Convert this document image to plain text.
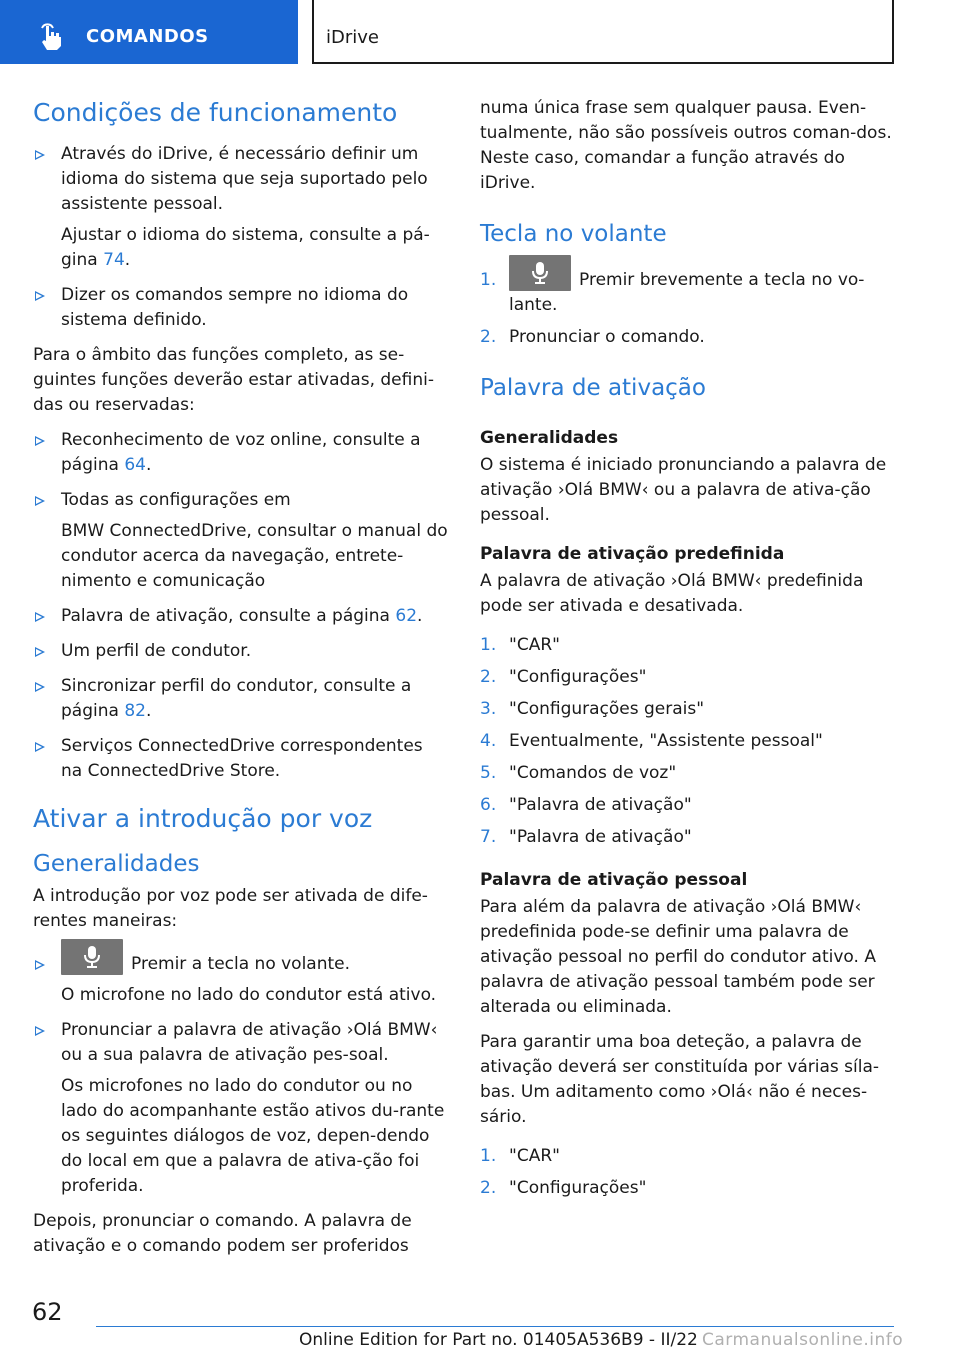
COMANDOS	iDrive
Condições de funcionamento

Através do iDrive, é necessário definir um idioma do sistema que seja suportado pelo assistente pessoal.

Ajustar o idioma do sistema, consulte a pá‐gina 74.

Dizer os comandos sempre no idioma do sistema definido.

Para o âmbito das funções completo, as se‐guintes funções deverão estar ativadas, defini‐das ou reservadas:

Reconhecimento de voz online, consulte a página 64.

Todas as configurações em

BMW ConnectedDrive, consultar o manual do condutor acerca da navegação, entrete‐nimento e comunicação

Palavra de ativação, consulte a página 62.

Um perfil de condutor.

Sincronizar perfil do condutor, consulte a página 82.

Serviços ConnectedDrive correspondentes na ConnectedDrive Store.

Ativar a introdução por voz
Generalidades

A introdução por voz pode ser ativada de dife‐rentes maneiras:

Premir a tecla no volante.

O microfone no lado do condutor está ativo.

Pronunciar a palavra de ativação ›Olá BMW‹ ou a sua palavra de ativação pes‐soal.

Os microfones no lado do condutor ou no lado do acompanhante estão ativos du‐rante os seguintes diálogos de voz, depen‐dendo do local em que a palavra de ativa‐ção foi proferida.

Depois, pronunciar o comando. A palavra de ativação e o comando podem ser proferidos

numa única frase sem qualquer pausa. Even‐tualmente, não são possíveis outros coman‐dos. Neste caso, comandar a função através do iDrive.

Tecla no volante
1.	Premir brevemente a tecla no vo‐lante.
2. Pronunciar o comando.
Palavra de ativação
Generalidades

O sistema é iniciado pronunciando a palavra de ativação ›Olá BMW‹ ou a palavra de ativa‐ção pessoal.

Palavra de ativação predefinida

A palavra de ativação ›Olá BMW‹ predefinida pode ser ativada e desativada.

1. "CAR"
2. "Configurações"
3. "Configurações gerais"
4. Eventualmente, "Assistente pessoal"
5. "Comandos de voz"
6. "Palavra de ativação"
7. "Palavra de ativação"
Palavra de ativação pessoal

Para além da palavra de ativação ›Olá BMW‹ predefinida pode-se definir uma palavra de ativação pessoal no perfil do condutor ativo. A palavra de ativação pessoal também pode ser alterada ou eliminada.

Para garantir uma boa deteção, a palavra de ativação deverá ser constituída por várias síla‐bas. Um aditamento como ›Olá‹ não é neces‐sário.

1. "CAR"
2. "Configurações"
62
Online Edition for Part no. 01405A536B9 - II/22 Carmanualsonline.info
